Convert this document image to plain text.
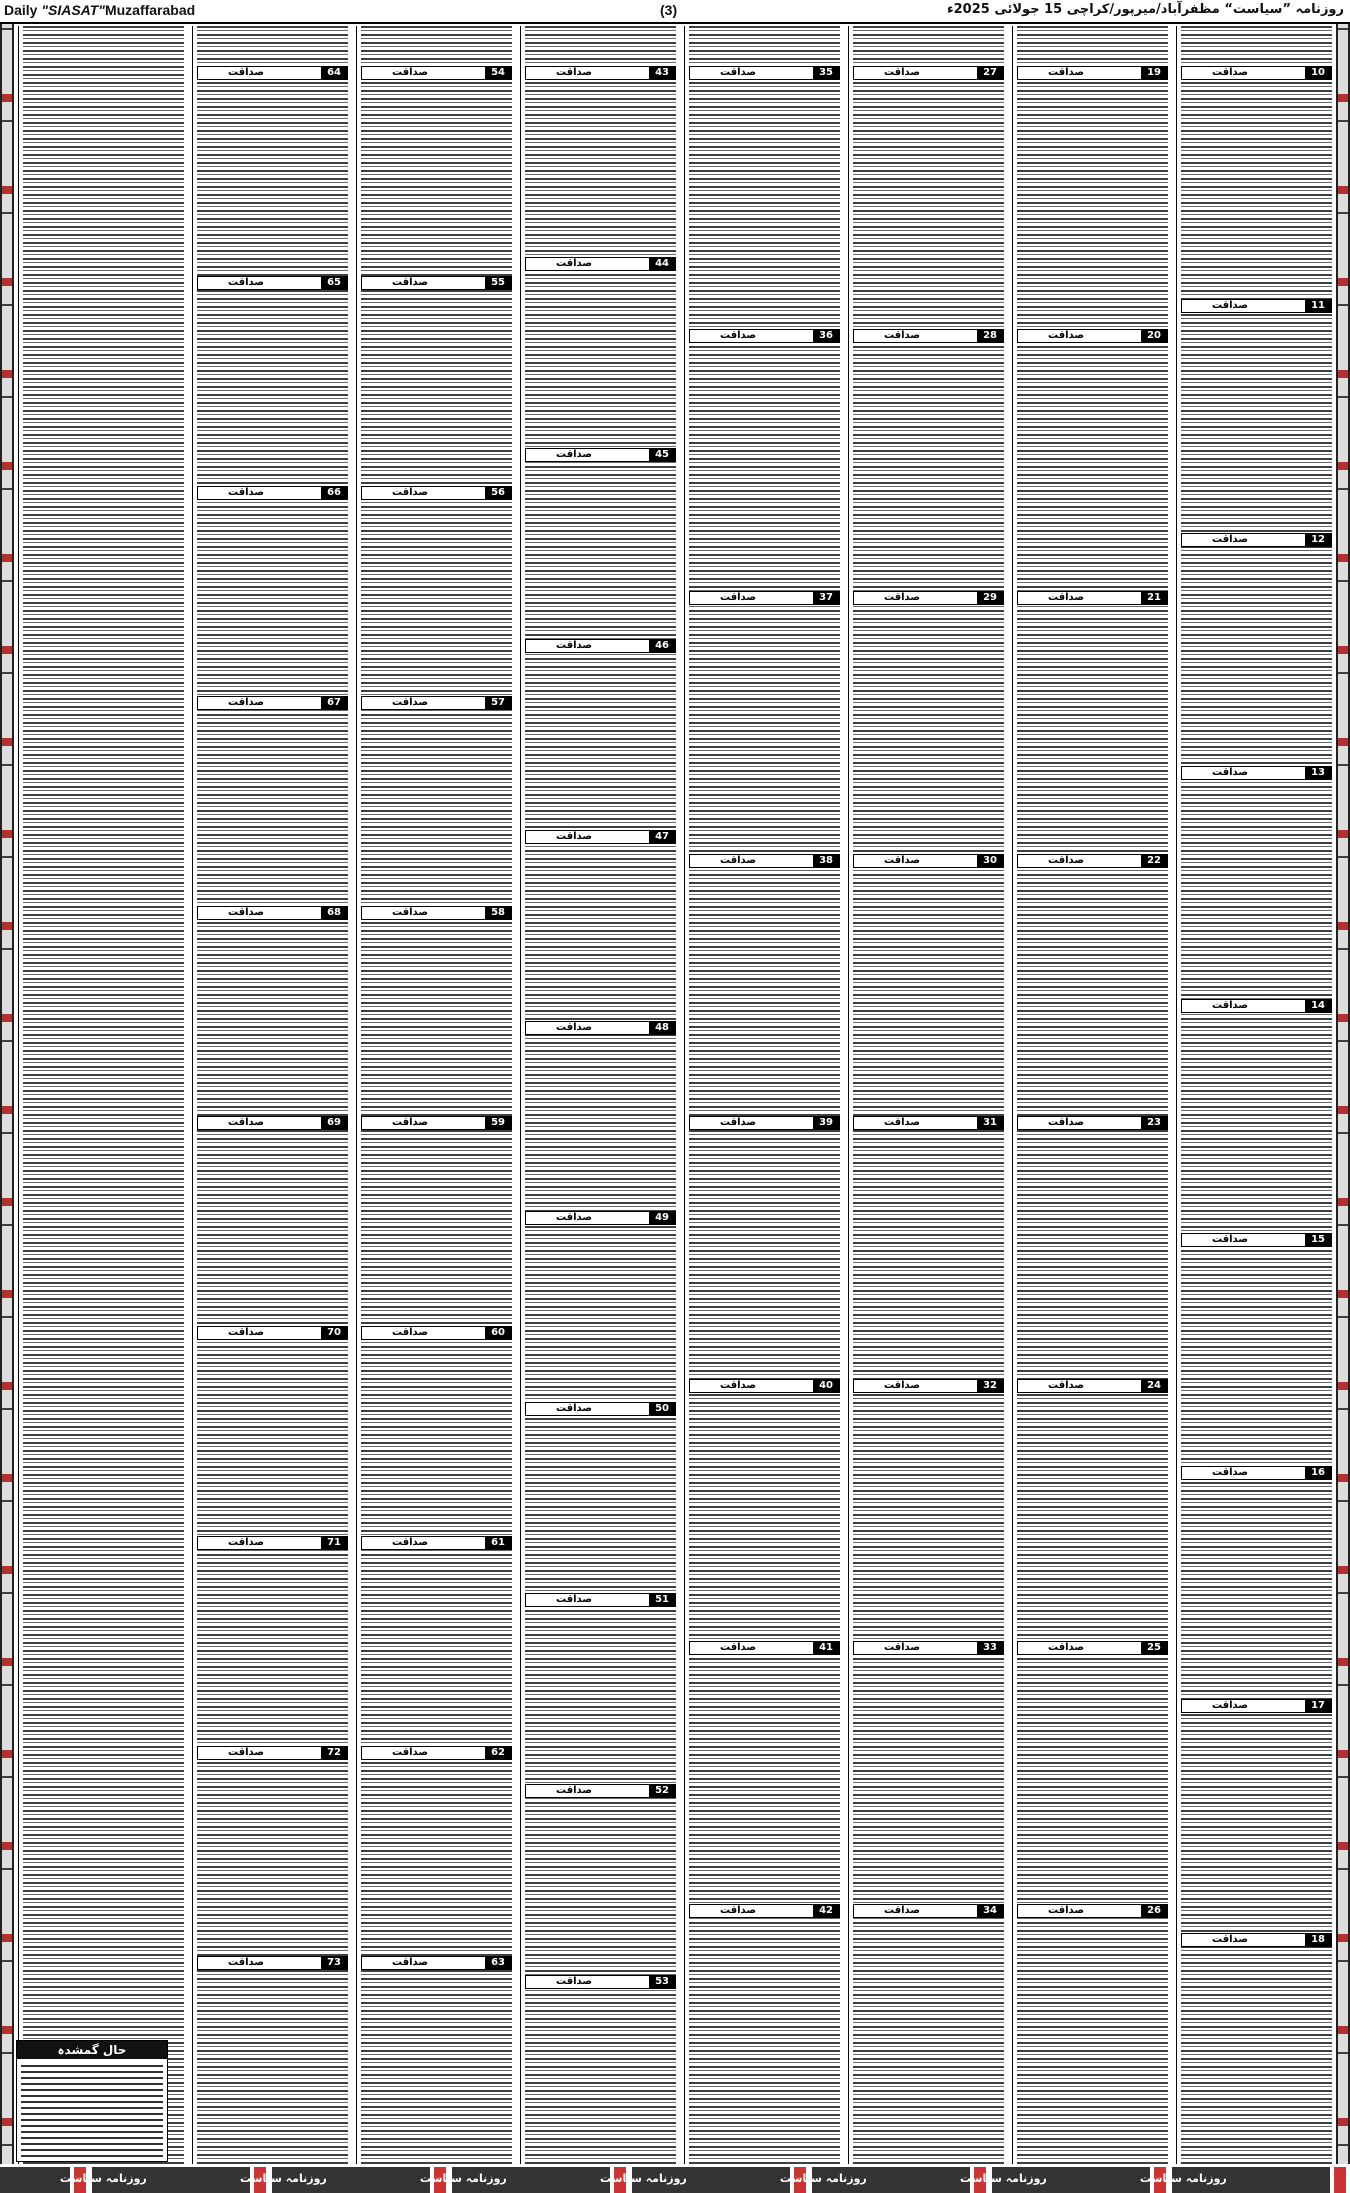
Daily "SIASAT"Muzaffarabad	(3)	روزنامہ ”سیاست“ مظفرآباد/میرپور/کراچی 15 جولائی 2025ء
صداقت	10
صداقت	11
صداقت	12
صداقت	13
صداقت	14
صداقت	15
صداقت	16
صداقت	17
صداقت	18
صداقت	19
صداقت	20
صداقت	21
صداقت	22
صداقت	23
صداقت	24
صداقت	25
صداقت	26
صداقت	27
صداقت	28
صداقت	29
صداقت	30
صداقت	31
صداقت	32
صداقت	33
صداقت	34
صداقت	35
صداقت	36
صداقت	37
صداقت	38
صداقت	39
صداقت	40
صداقت	41
صداقت	42
صداقت	43
صداقت	44
صداقت	45
صداقت	46
صداقت	47
صداقت	48
صداقت	49
صداقت	50
صداقت	51
صداقت	52
صداقت	53
صداقت	54
صداقت	55
صداقت	56
صداقت	57
صداقت	58
صداقت	59
صداقت	60
صداقت	61
صداقت	62
صداقت	63
صداقت	64
صداقت	65
صداقت	66
صداقت	67
صداقت	68
صداقت	69
صداقت	70
صداقت	71
صداقت	72
صداقت	73
حال گمشدہ
روزنامہ سیاست	روزنامہ سیاست	روزنامہ سیاست	روزنامہ سیاست	روزنامہ سیاست	روزنامہ سیاست	روزنامہ سیاست
